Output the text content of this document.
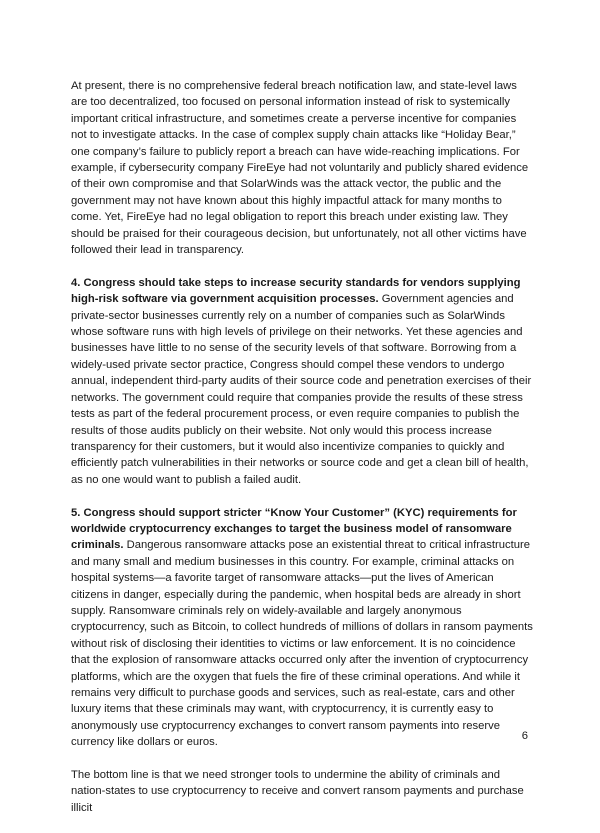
At present, there is no comprehensive federal breach notification law, and state-level laws are too decentralized, too focused on personal information instead of risk to systemically important critical infrastructure, and sometimes create a perverse incentive for companies not to investigate attacks. In the case of complex supply chain attacks like “Holiday Bear,” one company’s failure to publicly report a breach can have wide-reaching implications. For example, if cybersecurity company FireEye had not voluntarily and publicly shared evidence of their own compromise and that SolarWinds was the attack vector, the public and the government may not have known about this highly impactful attack for many months to come. Yet, FireEye had no legal obligation to report this breach under existing law. They should be praised for their courageous decision, but unfortunately, not all other victims have followed their lead in transparency.

4. Congress should take steps to increase security standards for vendors supplying high-risk software via government acquisition processes. Government agencies and private-sector businesses currently rely on a number of companies such as SolarWinds whose software runs with high levels of privilege on their networks. Yet these agencies and businesses have little to no sense of the security levels of that software. Borrowing from a widely-used private sector practice, Congress should compel these vendors to undergo annual, independent third-party audits of their source code and penetration exercises of their networks. The government could require that companies provide the results of these stress tests as part of the federal procurement process, or even require companies to publish the results of those audits publicly on their website. Not only would this process increase transparency for their customers, but it would also incentivize companies to quickly and efficiently patch vulnerabilities in their networks or source code and get a clean bill of health, as no one would want to publish a failed audit.

5. Congress should support stricter “Know Your Customer” (KYC) requirements for worldwide cryptocurrency exchanges to target the business model of ransomware criminals. Dangerous ransomware attacks pose an existential threat to critical infrastructure and many small and medium businesses in this country. For example, criminal attacks on hospital systems—a favorite target of ransomware attacks—put the lives of American citizens in danger, especially during the pandemic, when hospital beds are already in short supply. Ransomware criminals rely on widely-available and largely anonymous cryptocurrency, such as Bitcoin, to collect hundreds of millions of dollars in ransom payments without risk of disclosing their identities to victims or law enforcement. It is no coincidence that the explosion of ransomware attacks occurred only after the invention of cryptocurrency platforms, which are the oxygen that fuels the fire of these criminal operations. And while it remains very difficult to purchase goods and services, such as real-estate, cars and other luxury items that these criminals may want, with cryptocurrency, it is currently easy to anonymously use cryptocurrency exchanges to convert ransom payments into reserve currency like dollars or euros.

The bottom line is that we need stronger tools to undermine the ability of criminals and nation-states to use cryptocurrency to receive and convert ransom payments and purchase illicit

6
